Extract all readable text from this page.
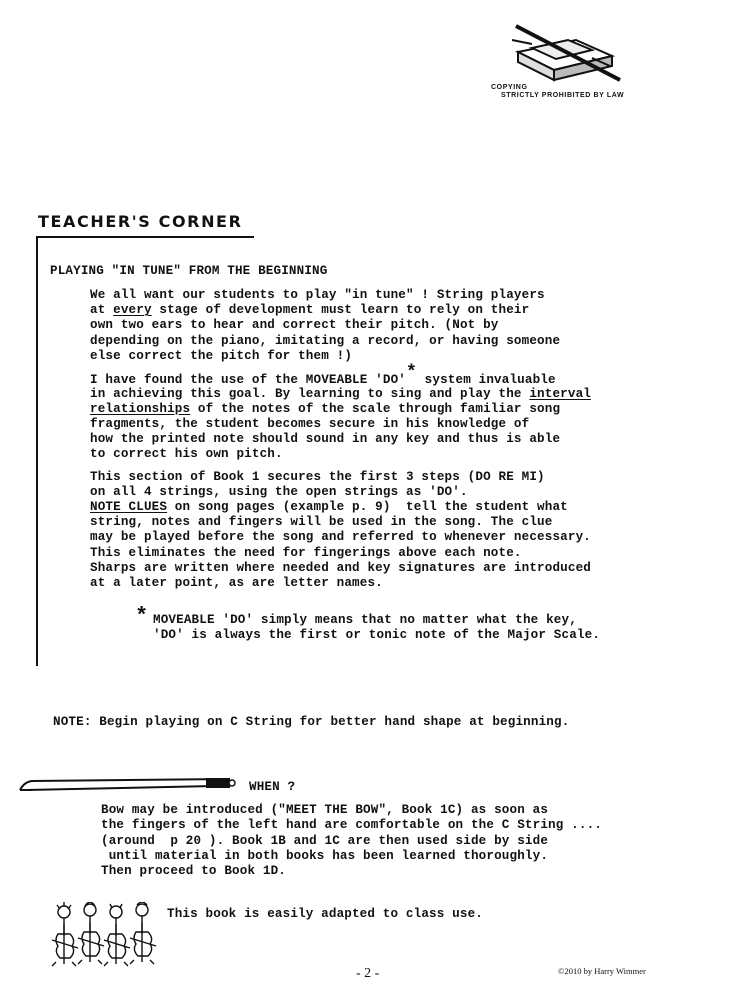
COPYING
STRICTLY PROHIBITED BY LAW
TEACHER'S CORNER
PLAYING "IN TUNE" FROM THE BEGINNING
We all want our students to play "in tune" ! String players
at every stage of development must learn to rely on their
own two ears to hear and correct their pitch. (Not by
depending on the piano, imitating a record, or having someone
else correct the pitch for them !)
I have found the use of the MOVEABLE 'DO'* system invaluable
in achieving this goal. By learning to sing and play the interval
relationships of the notes of the scale through familiar song
fragments, the student becomes secure in his knowledge of
how the printed note should sound in any key and thus is able
to correct his own pitch.
This section of Book 1 secures the first 3 steps (DO RE MI)
on all 4 strings, using the open strings as 'DO'.
NOTE CLUES on song pages (example p. 9)  tell the student what
string, notes and fingers will be used in the song. The clue
may be played before the song and referred to whenever necessary.
This eliminates the need for fingerings above each note.
Sharps are written where needed and key signatures are introduced
at a later point, as are letter names.
* MOVEABLE 'DO' simply means that no matter what the key,
'DO' is always the first or tonic note of the Major Scale.
NOTE: Begin playing on C String for better hand shape at beginning.
WHEN ?
Bow may be introduced ("MEET THE BOW", Book 1C) as soon as
the fingers of the left hand are comfortable on the C String ....
(around  p 20 ). Book 1B and 1C are then used side by side
until material in both books has been learned thoroughly.
Then proceed to Book 1D.
This book is easily adapted to class use.
- 2 -	©2010 by Harry Wimmer
